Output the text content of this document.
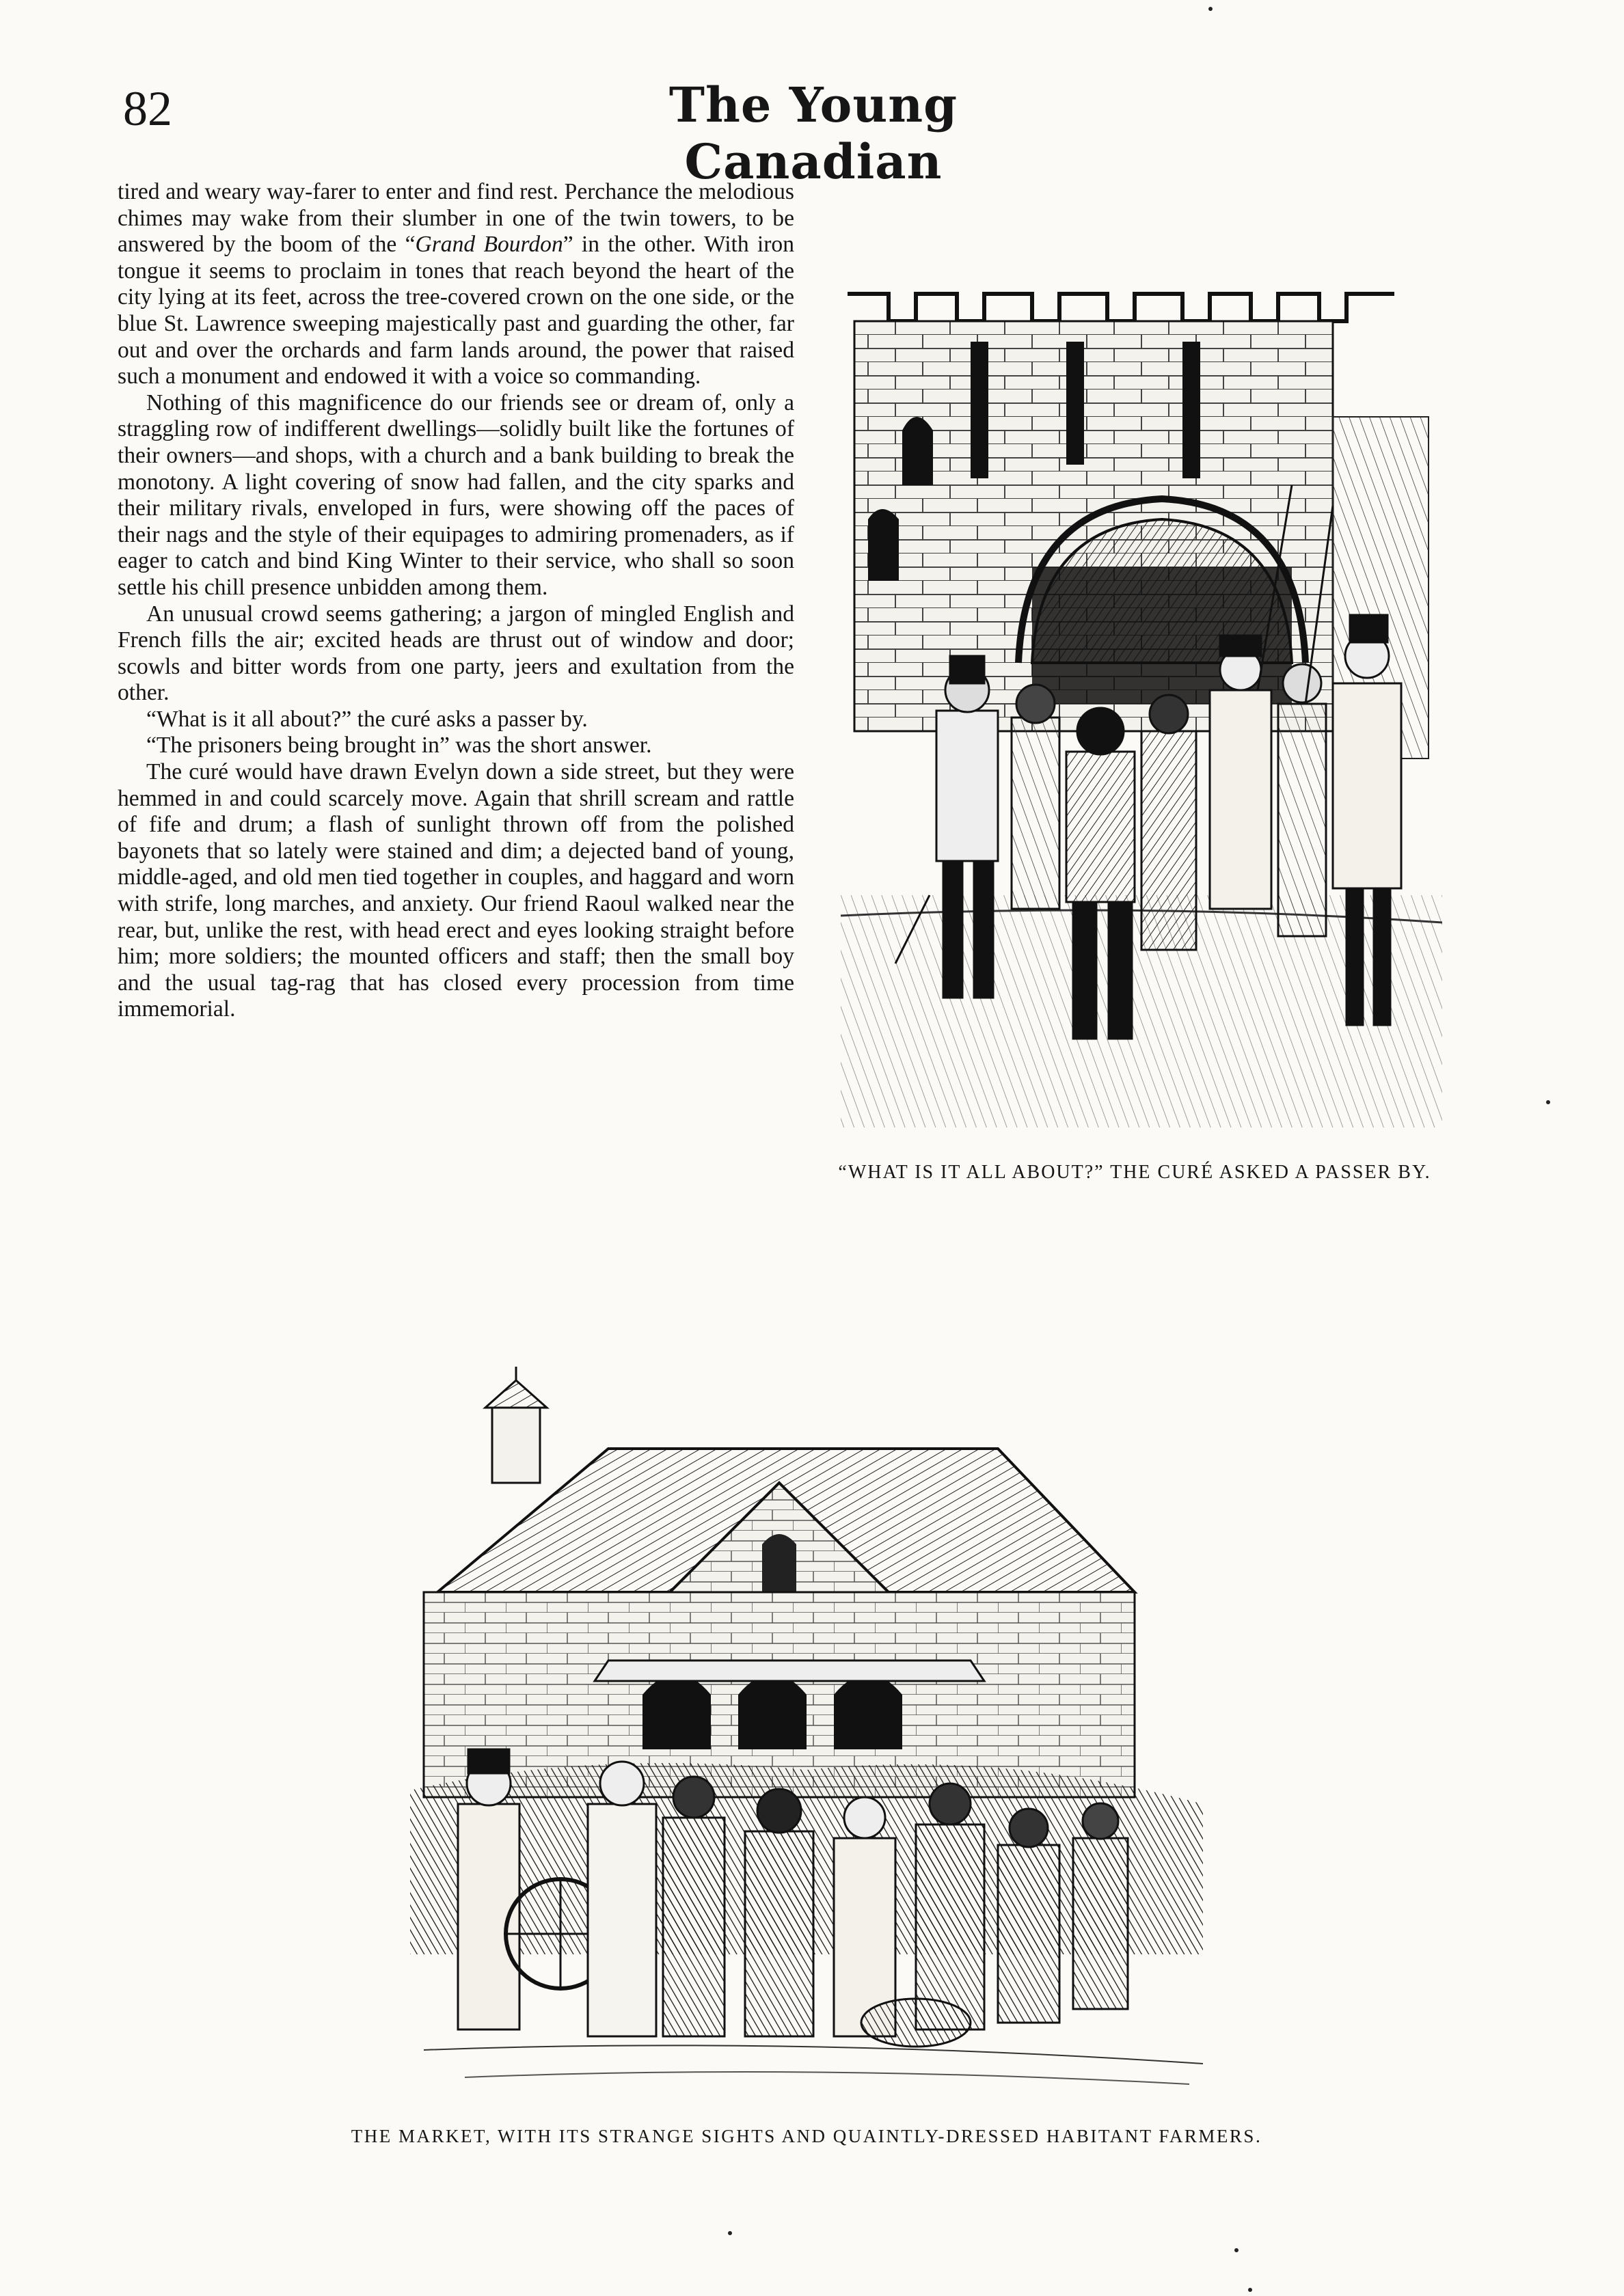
82	The Young Canadian

tired and weary way-farer to enter and find rest. Perchance the melodious chimes may wake from their slumber in one of the twin towers, to be answered by the boom of the “Grand Bourdon” in the other. With iron tongue it seems to proclaim in tones that reach beyond the heart of the city lying at its feet, across the tree-covered crown on the one side, or the blue St. Lawrence sweeping majestically past and guarding the other, far out and over the orchards and farm lands around, the power that raised such a monument and endowed it with a voice so commanding.

Nothing of this magnificence do our friends see or dream of, only a straggling row of indifferent dwellings—solidly built like the fortunes of their owners—and shops, with a church and a bank building to break the monotony. A light covering of snow had fallen, and the city sparks and their military rivals, enveloped in furs, were showing off the paces of their nags and the style of their equipages to admiring promenaders, as if eager to catch and bind King Winter to their service, who shall so soon settle his chill presence unbidden among them.

An unusual crowd seems gathering; a jargon of mingled English and French fills the air; excited heads are thrust out of window and door; scowls and bitter words from one party, jeers and exultation from the other.

“What is it all about?” the curé asks a passer by.

“The prisoners being brought in” was the short answer.

The curé would have drawn Evelyn down a side street, but they were hemmed in and could scarcely move. Again that shrill scream and rattle of fife and drum; a flash of sunlight thrown off from the polished bayonets that so lately were stained and dim; a dejected band of young, middle-aged, and old men tied together in couples, and haggard and worn with strife, long marches, and anxiety. Our friend Raoul walked near the rear, but, unlike the rest, with head erect and eyes looking straight before him; more soldiers; the mounted officers and staff; then the small boy and the usual tag-rag that has closed every procession from time immemorial.

“WHAT IS IT ALL ABOUT?” THE CURÉ ASKED A PASSER BY.
THE MARKET, WITH ITS STRANGE SIGHTS AND QUAINTLY-DRESSED HABITANT FARMERS.
